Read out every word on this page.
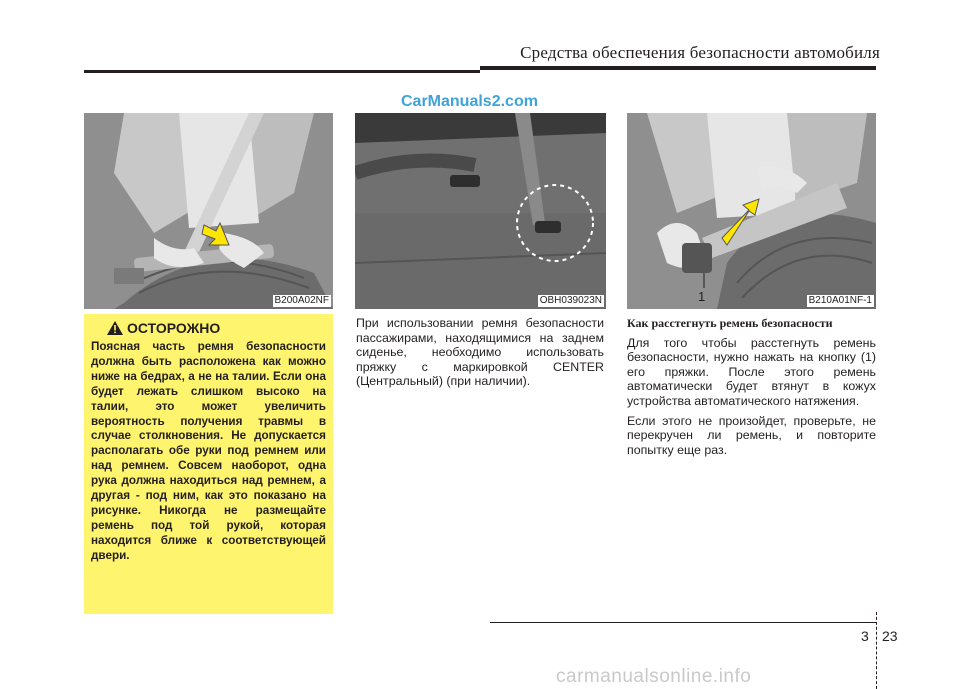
Средства обеспечения безопасности автомобиля
CarManuals2.com
B200A02NF	OBH039023N	1	B210A01NF-1
ОСТОРОЖНО
Поясная часть ремня безопасности должна быть расположена как можно ниже на бедрах, а не на талии. Если она будет лежать слишком высоко на талии, это может увеличить вероятность получения травмы в случае столкновения. Не допускается располагать обе руки под ремнем или над ремнем. Совсем наоборот, одна рука должна находиться над ремнем, а другая - под ним, как это показано на рисунке. Никогда не размещайте ремень под той рукой, которая находится ближе к соответствующей двери.

При использовании ремня безопасности пассажирами, находящимися на заднем сиденье, необходимо использовать пряжку с маркировкой CENTER (Центральный) (при наличии).

Как расстегнуть ремень безопасности

Для того чтобы расстегнуть ремень безопасности, нужно нажать на кнопку (1) его пряжки. После этого ремень автоматически будет втянут в кожух устройства автоматического натяжения.

Если этого не произойдет, проверьте, не перекручен ли ремень, и повторите попытку еще раз.

3 23
carmanualsonline.info
